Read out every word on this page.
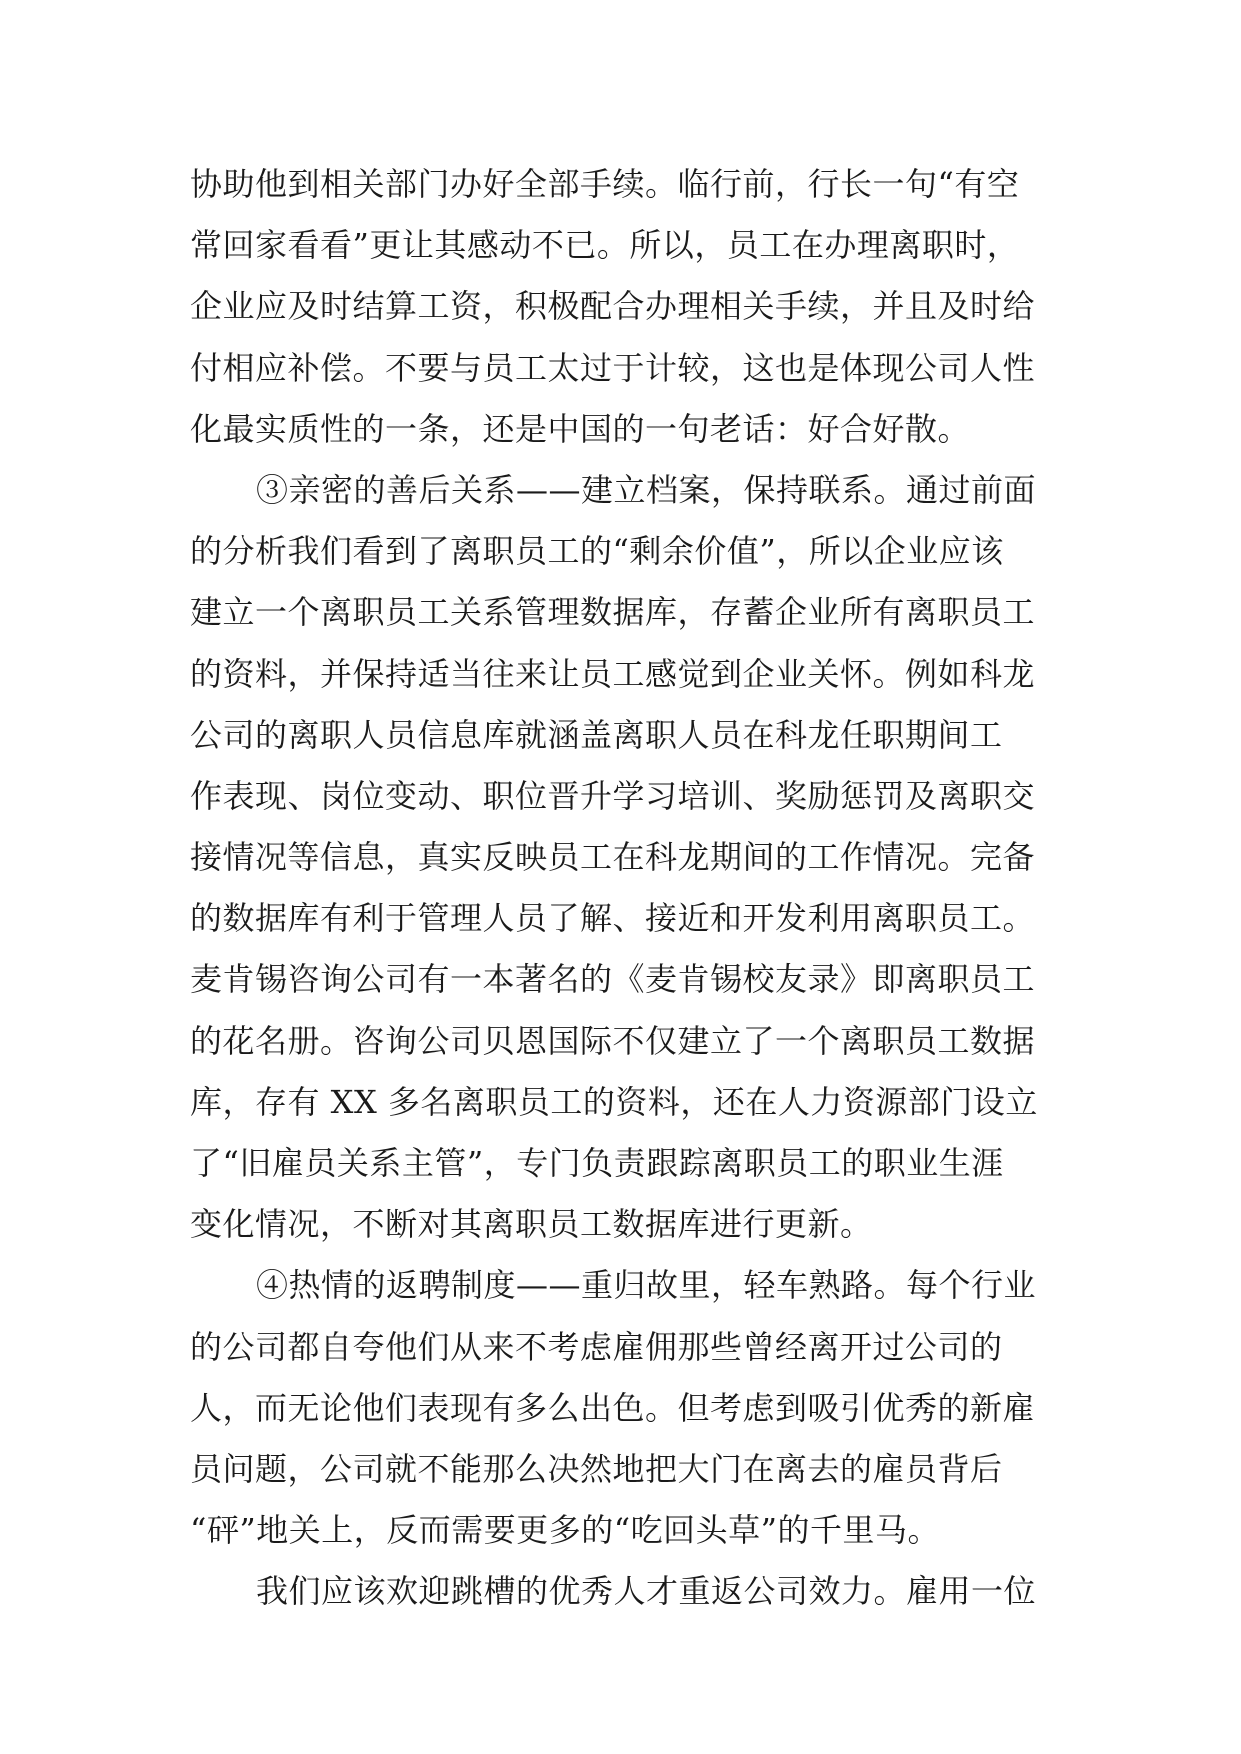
协助他到相关部门办好全部手续。临行前，行长一句“有空
常回家看看”更让其感动不已。所以，员工在办理离职时，
企业应及时结算工资，积极配合办理相关手续，并且及时给
付相应补偿。不要与员工太过于计较，这也是体现公司人性
化最实质性的一条，还是中国的一句老话：好合好散。
③亲密的善后关系——建立档案，保持联系。通过前面
的分析我们看到了离职员工的“剩余价值”，所以企业应该
建立一个离职员工关系管理数据库，存蓄企业所有离职员工
的资料，并保持适当往来让员工感觉到企业关怀。例如科龙
公司的离职人员信息库就涵盖离职人员在科龙任职期间工
作表现、岗位变动、职位晋升学习培训、奖励惩罚及离职交
接情况等信息，真实反映员工在科龙期间的工作情况。完备
的数据库有利于管理人员了解、接近和开发利用离职员工。
麦肯锡咨询公司有一本著名的《麦肯锡校友录》即离职员工
的花名册。咨询公司贝恩国际不仅建立了一个离职员工数据
库，存有 XX 多名离职员工的资料，还在人力资源部门设立
了“旧雇员关系主管”，专门负责跟踪离职员工的职业生涯
变化情况，不断对其离职员工数据库进行更新。
④热情的返聘制度——重归故里，轻车熟路。每个行业
的公司都自夸他们从来不考虑雇佣那些曾经离开过公司的
人，而无论他们表现有多么出色。但考虑到吸引优秀的新雇
员问题，公司就不能那么决然地把大门在离去的雇员背后
“砰”地关上，反而需要更多的“吃回头草”的千里马。
我们应该欢迎跳槽的优秀人才重返公司效力。雇用一位
